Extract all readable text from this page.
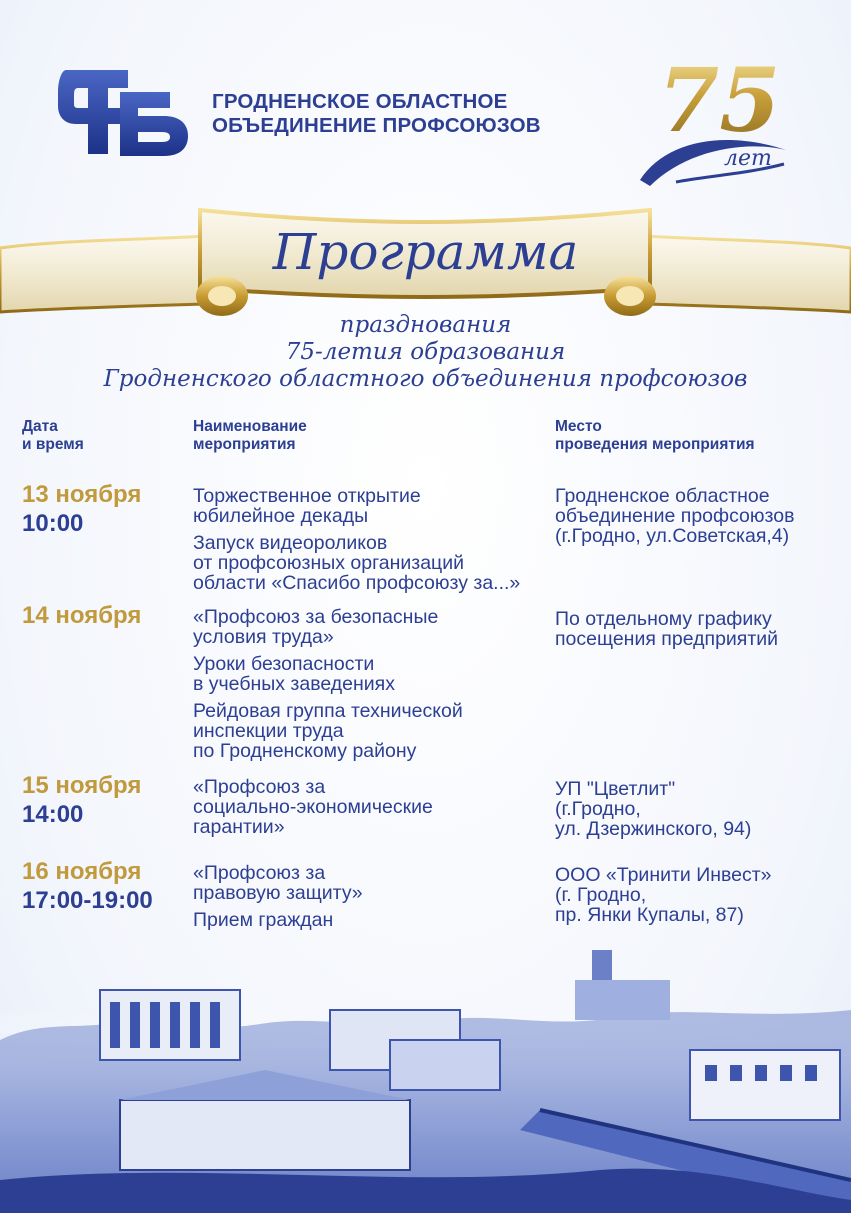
ФПБ
ГРОДНЕНСКОЕ ОБЛАСТНОЕ
ОБЪЕДИНЕНИЕ ПРОФСОЮЗОВ 75
лет
Программа
празднования
75-летия образования
Гродненского областного объединения профсоюзов
Дата
и время
Наименование
мероприятия
Место
проведения мероприятия
13 ноября
10:00
Торжественное открытие
юбилейное декады
Запуск видеороликов
от профсоюзных организаций
области «Спасибо профсоюзу за...»
Гродненское областное
объединение профсоюзов
(г.Гродно, ул.Советская,4)
14 ноября	«Профсоюз за безопасные
условия труда»
Уроки безопасности
в учебных заведениях
Рейдовая группа технической
инспекции труда
по Гродненскому району
По отдельному графику
посещения предприятий
15 ноября
14:00
«Профсоюз за
социально-экономические
гарантии»
УП "Цветлит"
(г.Гродно,
ул. Дзержинского, 94)
16 ноября
17:00-19:00
«Профсоюз за
правовую защиту»
Прием граждан
ООО «Тринити Инвест»
(г. Гродно,
пр. Янки Купалы, 87)
